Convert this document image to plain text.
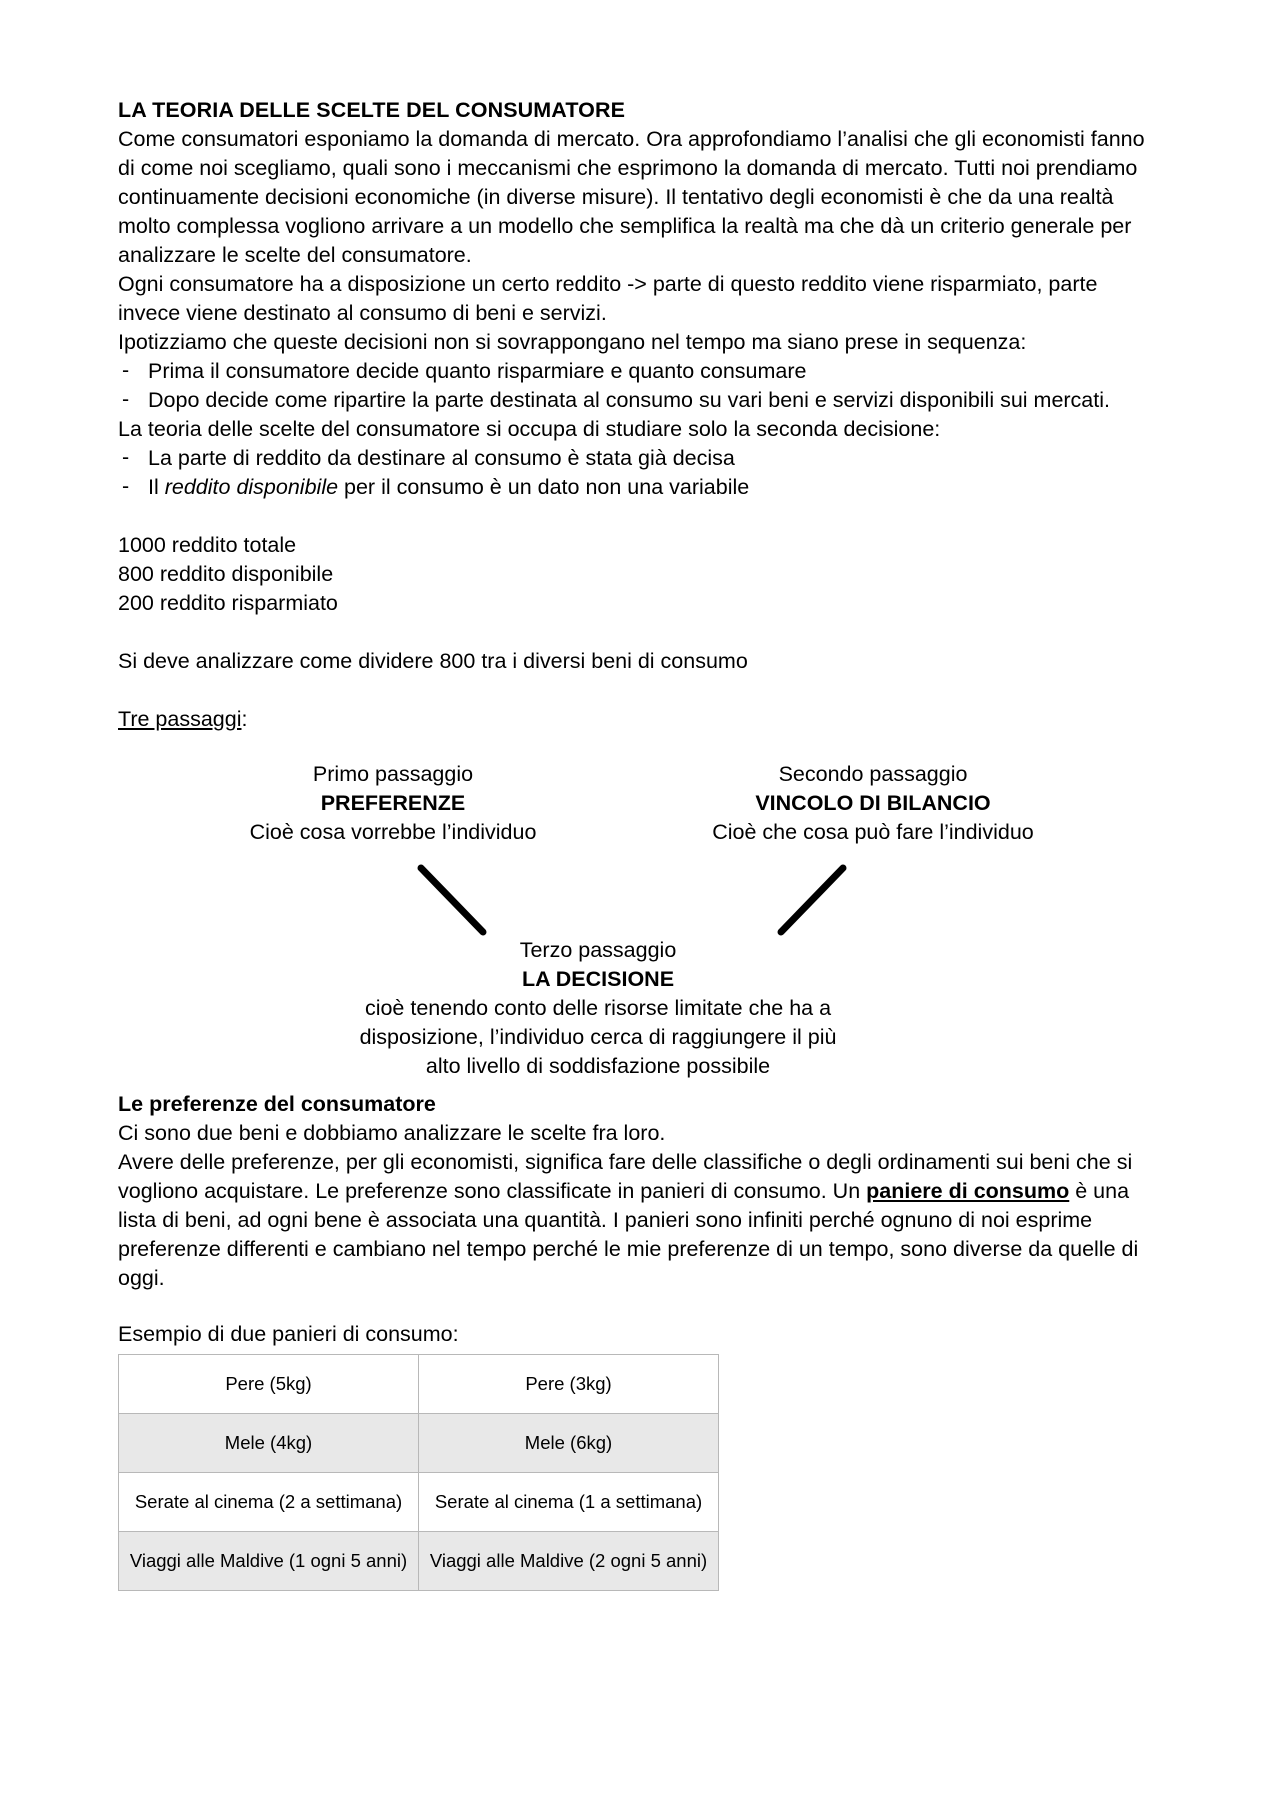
LA TEORIA DELLE SCELTE DEL CONSUMATORE

Come consumatori esponiamo la domanda di mercato. Ora approfondiamo l’analisi che gli economisti fanno di come noi scegliamo, quali sono i meccanismi che esprimono la domanda di mercato. Tutti noi prendiamo continuamente decisioni economiche (in diverse misure). Il tentativo degli economisti è che da una realtà molto complessa vogliono arrivare a un modello che semplifica la realtà ma che dà un criterio generale per analizzare le scelte del consumatore.

Ogni consumatore ha a disposizione un certo reddito -> parte di questo reddito viene risparmiato, parte invece viene destinato al consumo di beni e servizi.

Ipotizziamo che queste decisioni non si sovrappongano nel tempo ma siano prese in sequenza:

- Prima il consumatore decide quanto risparmiare e quanto consumare
- Dopo decide come ripartire la parte destinata al consumo su vari beni e servizi disponibili sui mercati.

La teoria delle scelte del consumatore si occupa di studiare solo la seconda decisione:

- La parte di reddito da destinare al consumo è stata già decisa
- Il reddito disponibile per il consumo è un dato non una variabile

1000 reddito totale

800 reddito disponibile

200 reddito risparmiato

Si deve analizzare come dividere 800 tra i diversi beni di consumo

Tre passaggi:

Primo passaggio
PREFERENZE
Cioè cosa vorrebbe l’individuo
Secondo passaggio
VINCOLO DI BILANCIO
Cioè che cosa può fare l’individuo
Terzo passaggio
LA DECISIONE
cioè tenendo conto delle risorse limitate che ha a disposizione, l’individuo cerca di raggiungere il più alto livello di soddisfazione possibile
Le preferenze del consumatore

Ci sono due beni e dobbiamo analizzare le scelte fra loro.

Avere delle preferenze, per gli economisti, significa fare delle classifiche o degli ordinamenti sui beni che si vogliono acquistare. Le preferenze sono classificate in panieri di consumo. Un paniere di consumo è una lista di beni, ad ogni bene è associata una quantità. I panieri sono infiniti perché ognuno di noi esprime preferenze differenti e cambiano nel tempo perché le mie preferenze di un tempo, sono diverse da quelle di oggi.

Esempio di due panieri di consumo:
Pere (5kg)	Pere (3kg)
Mele (4kg)	Mele (6kg)
Serate al cinema (2 a settimana)	Serate al cinema (1 a settimana)
Viaggi alle Maldive (1 ogni 5 anni)	Viaggi alle Maldive (2 ogni 5 anni)
